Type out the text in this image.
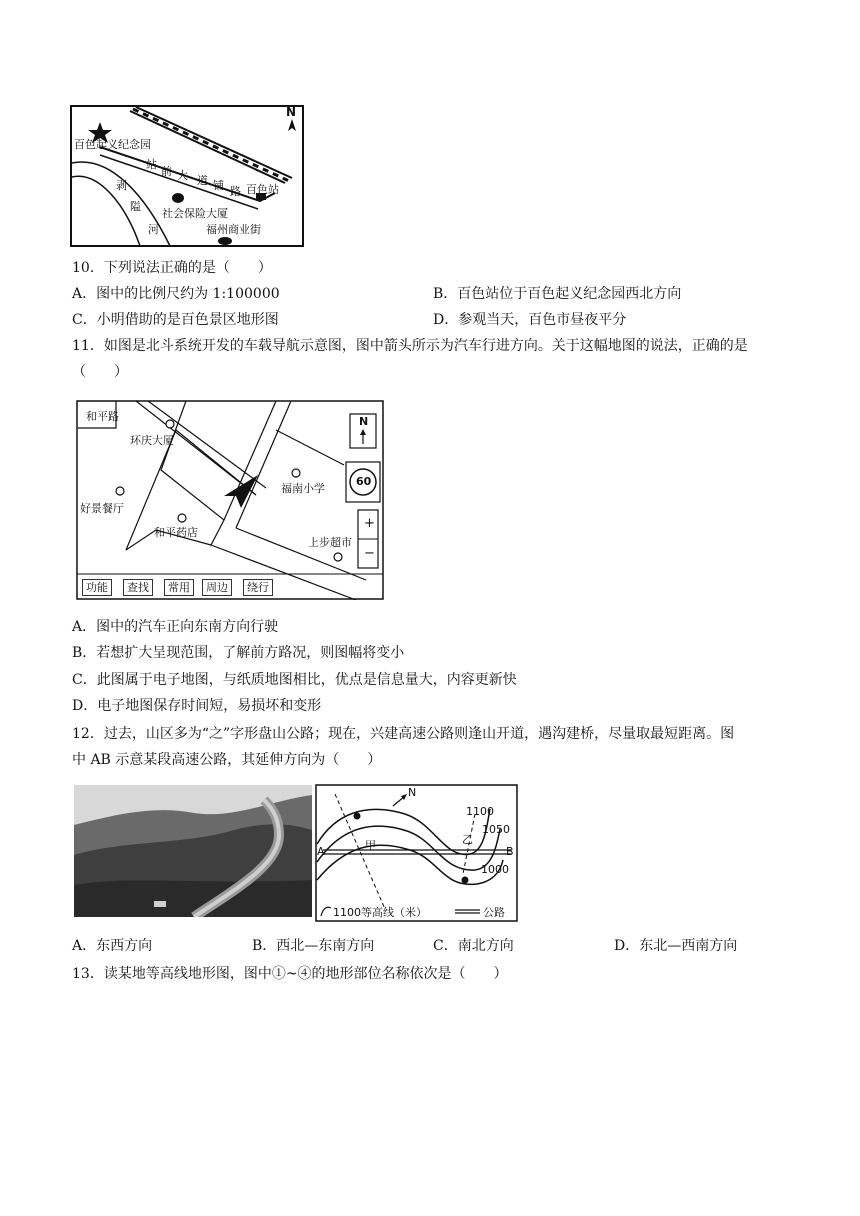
N
百色起义纪念园
站
前 大 道 铺 路 百色站
剥
隘
河
社会保险大厦
福州商业街
10．下列说法正确的是（　　）
A．图中的比例尺约为 1:100000	B．百色站位于百色起义纪念园西北方向
C．小明借助的是百色景区地形图	D．参观当天，百色市昼夜平分
11．如图是北斗系统开发的车载导航示意图，图中箭头所示为汽车行进方向。关于这幅地图的说法，正确的是
（　　）
和平路
环庆大厦
福南小学
好景餐厅
和平药店
上步超市
N
60
+
−
功能	查找	常用	周边	绕行
A．图中的汽车正向东南方向行驶
B．若想扩大呈现范围，了解前方路况，则图幅将变小
C．此图属于电子地图，与纸质地图相比，优点是信息量大，内容更新快
D．电子地图保存时间短，易损坏和变形
12．过去，山区多为“之”字形盘山公路；现在，兴建高速公路则逢山开道，遇沟建桥，尽量取最短距离。图
中 AB 示意某段高速公路，其延伸方向为（　　）
N
1100
1050
1000
甲	乙
A	B
1100等高线（米）	公路
A．东西方向	B．西北—东南方向	C．南北方向	D．东北—西南方向
13．读某地等高线地形图，图中①~④的地形部位名称依次是（　　）
